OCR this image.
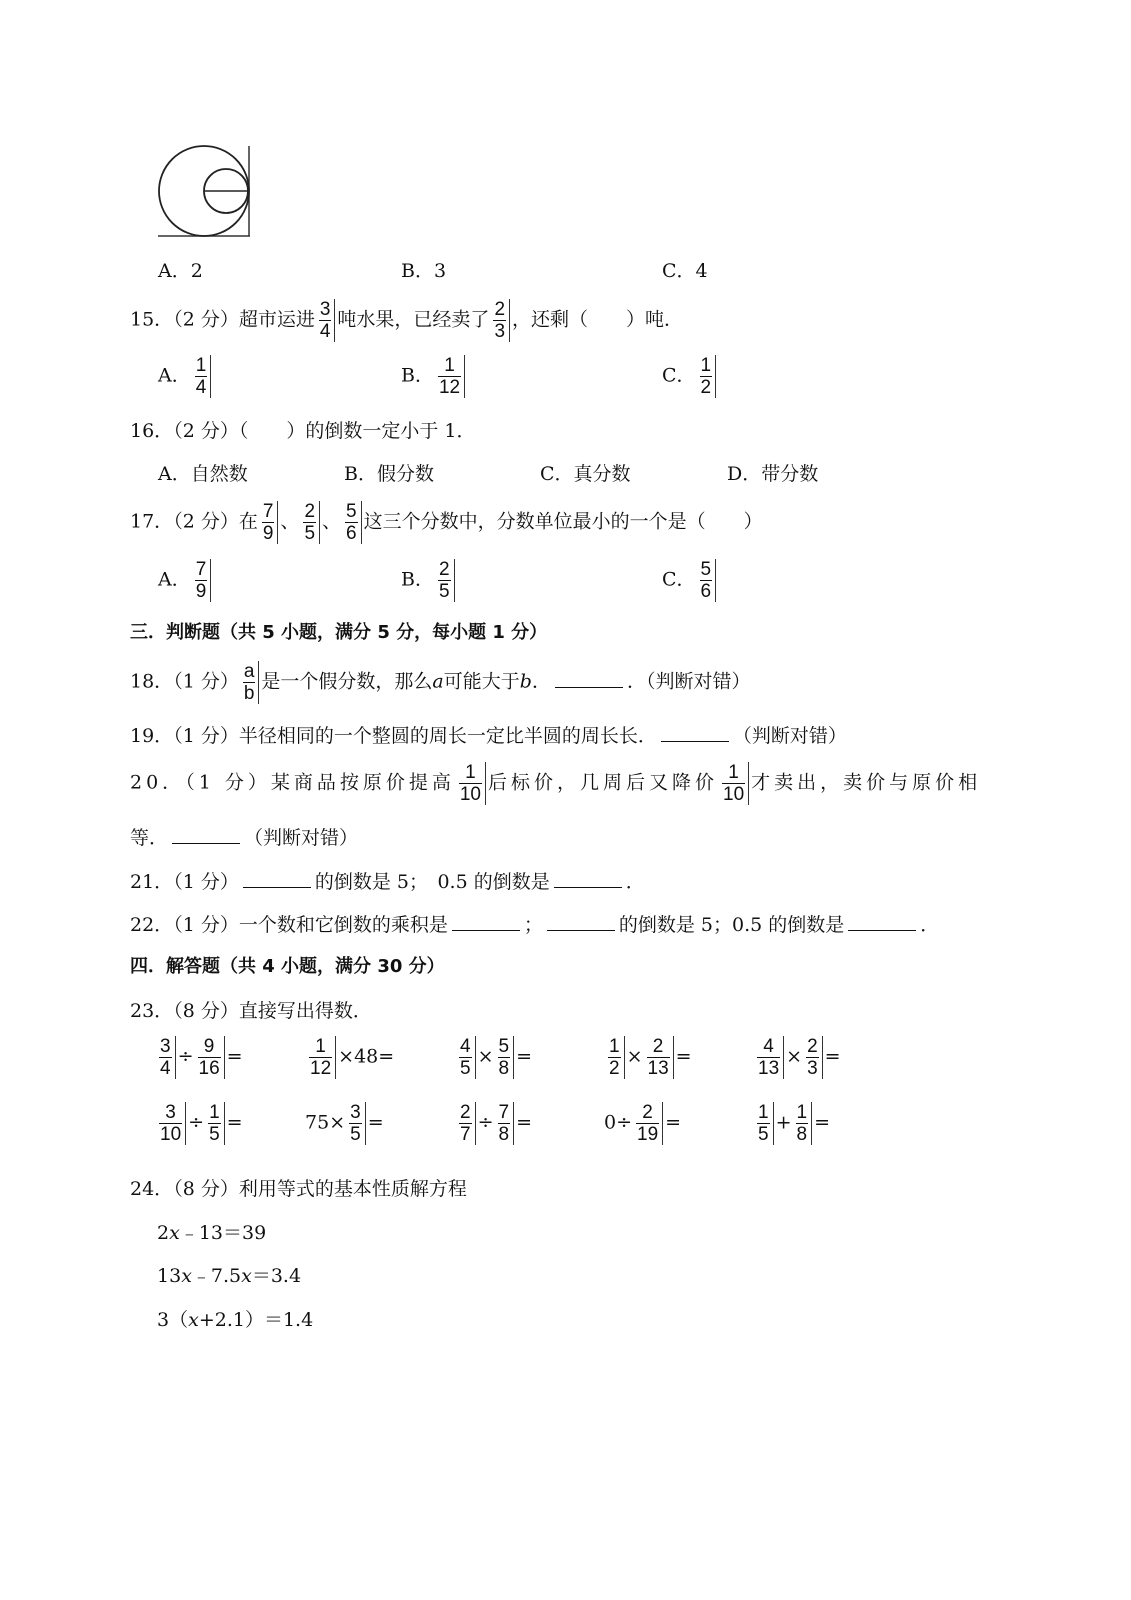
A．2	B．3	C．4
15．（2 分）超市运进 $\frac{3}{4}$ 吨水果，已经卖了 $\frac{2}{3}$ ，还剩（　　）吨．
A． $\frac{1}{4}$	B． $\frac{1}{12}$	C． $\frac{1}{2}$
16．（2 分）（　　）的倒数一定小于 1．
A．自然数	B．假分数	C．真分数	D．带分数
17．（2 分）在 $\frac{7}{9}$ 、 $\frac{2}{5}$ 、 $\frac{5}{6}$ 这三个分数中，分数单位最小的一个是（　　）
A． $\frac{7}{9}$	B． $\frac{2}{5}$	C． $\frac{5}{6}$
三．判断题（共 5 小题，满分 5 分，每小题 1 分）
18．（1 分） $\frac{a}{b}$ 是一个假分数，那么a可能大于b．	．（判断对错）
19．（1 分）半径相同的一个整圆的周长一定比半圆的周长长．	（判断对错）
20．（1 分）某商品按原价提高 $\frac{1}{10}$ 后标价，几周后又降价 $\frac{1}{10}$ 才卖出，卖价与原价相
等．	（判断对错）
21．（1 分）	的倒数是 5；　0.5 的倒数是	．
22．（1 分）一个数和它倒数的乘积是	；	的倒数是 5；0.5 的倒数是	．
四．解答题（共 4 小题，满分 30 分）
23．（8 分）直接写出得数．
$\frac{3}{4} \div \frac{9}{16}$ =	$\frac{1}{12} \times 48=$	$\frac{4}{5} \times \frac{5}{8}$ =	$\frac{1}{2} \times \frac{2}{13}$ =	$\frac{4}{13} \times \frac{2}{3}$ =
$\frac{3}{10} \div \frac{1}{5}$ =	$75\times \frac{3}{5}$ =	$\frac{2}{7} \div \frac{7}{8}$ =	$0\div \frac{2}{19}$ =	$\frac{1}{5} + \frac{1}{8}$ =
24．（8 分）利用等式的基本性质解方程
2x﹣13＝39
13x﹣7.5x＝3.4
3（x+2.1）＝1.4
